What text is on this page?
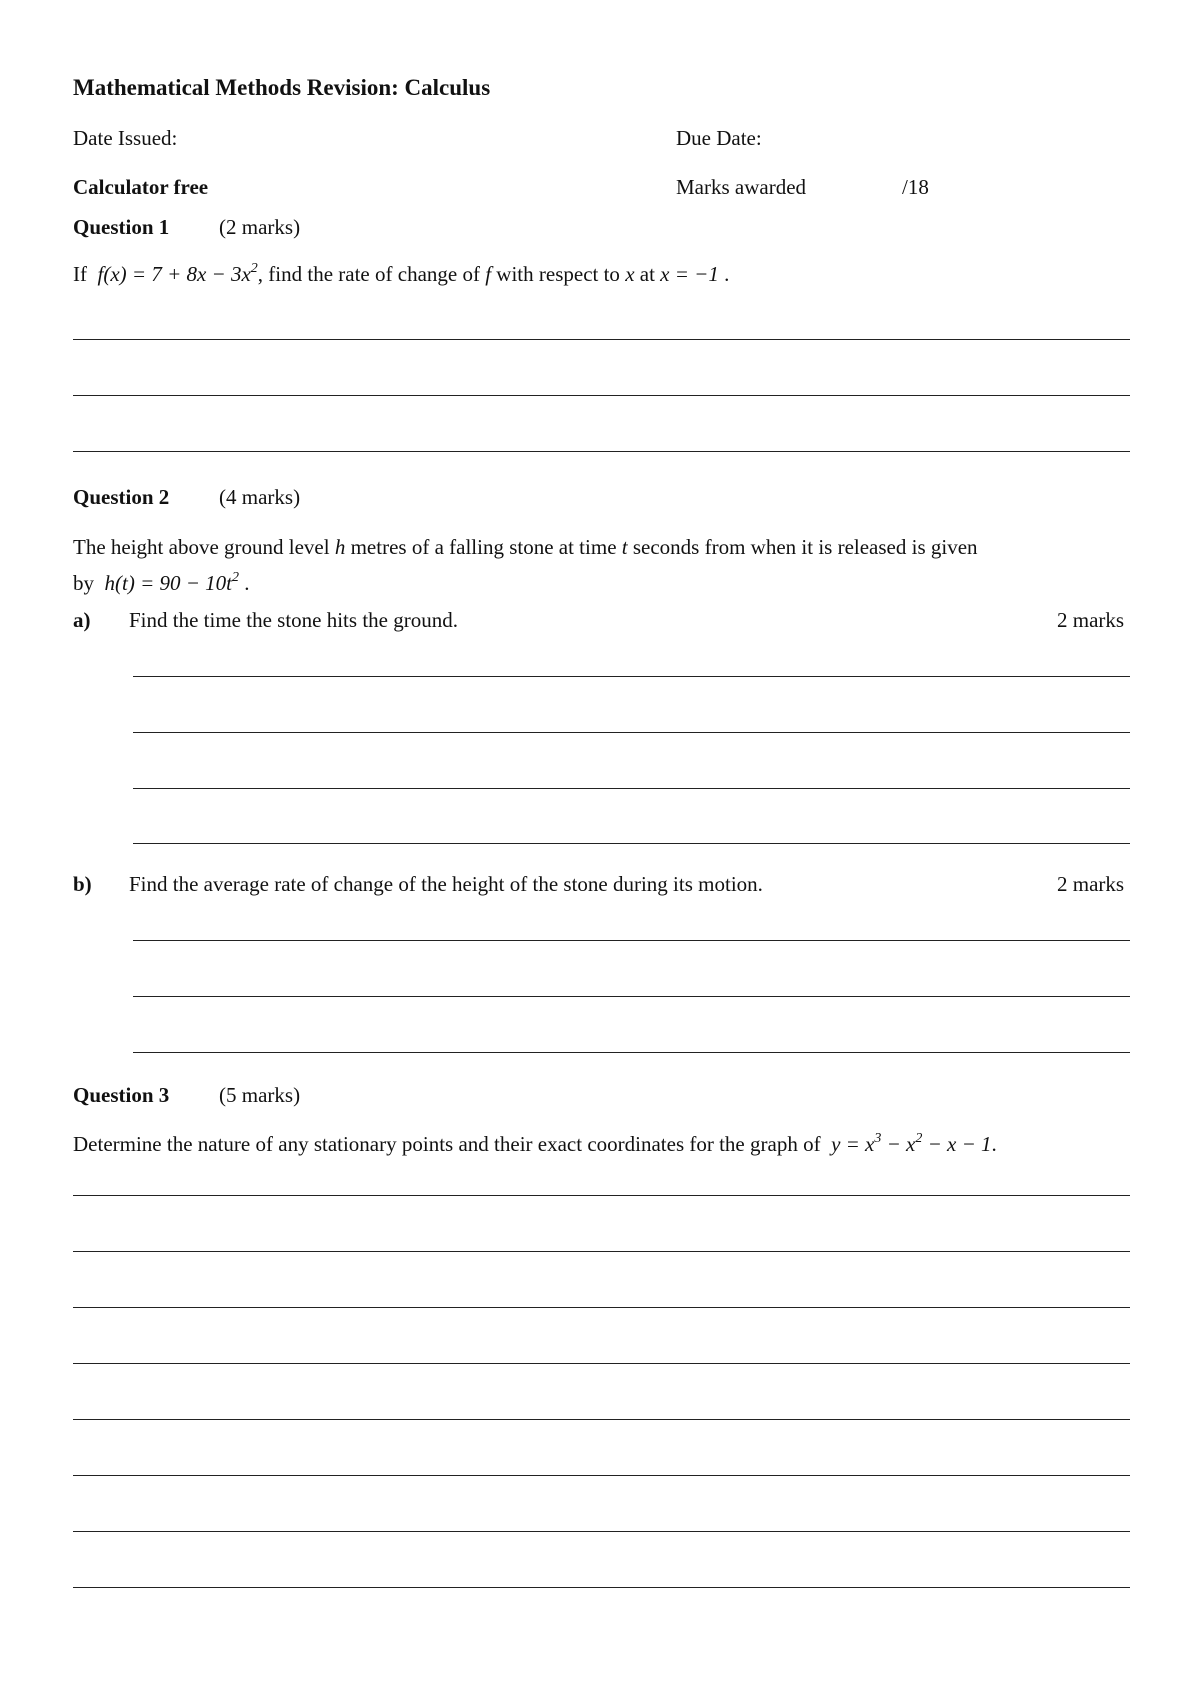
Mathematical Methods Revision: Calculus
Date Issued:	Due Date:
Calculator free	Marks awarded	/18
Question 1 (2 marks)
If $f(x) = 7 + 8x - 3x^2$, find the rate of change of f with respect to x at x = −1 .
Question 2 (4 marks)
The height above ground level h metres of a falling stone at time t seconds from when it is released is given
by $h(t) = 90 - 10t^2$ .
a) Find the time the stone hits the ground.	2 marks
b) Find the average rate of change of the height of the stone during its motion.	2 marks
Question 3 (5 marks)
Determine the nature of any stationary points and their exact coordinates for the graph of $y = x^3 - x^2 - x - 1$.
